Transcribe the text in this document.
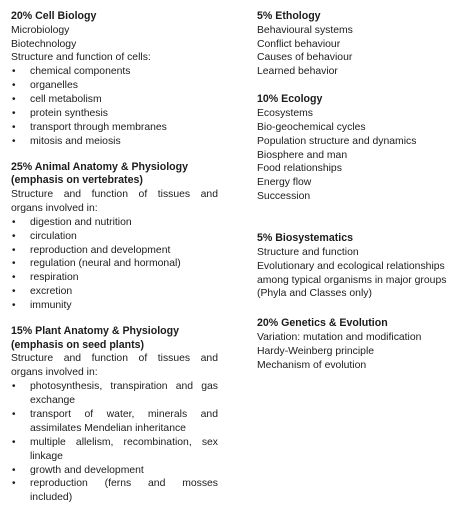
20% Cell Biology

Microbiology

Biotechnology

Structure and function of cells:

• chemical components
• organelles
• cell metabolism
• protein synthesis
• transport through membranes
• mitosis and meiosis

25% Animal Anatomy & Physiology

(emphasis on vertebrates)

Structure and function of tissues and

organs involved in:

• digestion and nutrition
• circulation
• reproduction and development
• regulation (neural and hormonal)
• respiration
• excretion
• immunity

15% Plant Anatomy & Physiology

(emphasis on seed plants)

Structure and function of tissues and

organs involved in:

• photosynthesis, transpiration and gas
exchange
• transport of water, minerals and
assimilates Mendelian inheritance
• multiple allelism, recombination, sex
linkage
• growth and development
• reproduction (ferns and mosses
included)

5% Ethology

Behavioural systems

Conflict behaviour

Causes of behaviour

Learned behavior

10% Ecology

Ecosystems

Bio-geochemical cycles

Population structure and dynamics

Biosphere and man

Food relationships

Energy flow

Succession

5% Biosystematics

Structure and function

Evolutionary and ecological relationships

among typical organisms in major groups

(Phyla and Classes only)

20% Genetics & Evolution

Variation: mutation and modification

Hardy-Weinberg principle

Mechanism of evolution
